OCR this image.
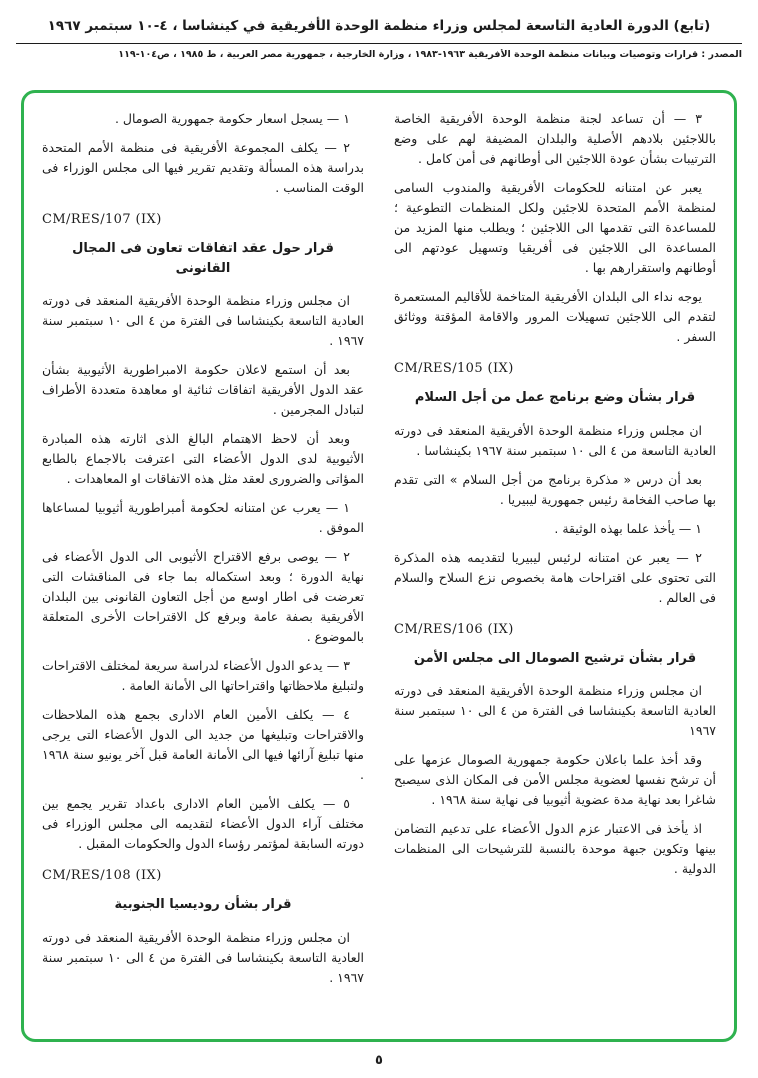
(تابع) الدورة العادية التاسعة لمجلس وزراء منظمة الوحدة الأفريقية في كينشاسا ، ٤-١٠ سبتمبر ١٩٦٧
المصدر : قرارات وتوصيات وبيانات منظمة الوحدة الأفريقية ١٩٦٣-١٩٨٣ ، وزارة الخارجية ، جمهورية مصر العربية ، ط ١٩٨٥ ، ص١٠٤-١١٩
٣ — أن تساعد لجنة منظمة الوحدة الأفريقية الخاصة باللاجئين بلادهم الأصلية والبلدان المضيفة لهم على وضع الترتيبات بشأن عودة اللاجئين الى أوطانهم فى أمن كامل .
يعبر عن امتنانه للحكومات الأفريقية والمندوب السامى لمنظمة الأمم المتحدة للاجئين ولكل المنظمات التطوعية ؛ للمساعدة التى تقدمها الى اللاجئين ؛ ويطلب منها المزيد من المساعدة الى اللاجئين فى أفريقيا وتسهيل عودتهم الى أوطانهم واستقرارهم بها .
يوجه نداء الى البلدان الأفريقية المتاخمة للأقاليم المستعمرة لتقدم الى اللاجئين تسهيلات المرور والاقامة المؤقتة ووثائق السفر .
CM/RES/105 (IX)
قرار بشأن وضع برنامج عمل من أجل السلام
ان مجلس وزراء منظمة الوحدة الأفريقية المنعقد فى دورته العادية التاسعة من ٤ الى ١٠ سبتمبر سنة ١٩٦٧ بكينشاسا .
بعد أن درس « مذكرة برنامج من أجل السلام » التى تقدم بها صاحب الفخامة رئيس جمهورية ليبيريا .
١ — يأخذ علما بهذه الوثيقة .
٢ — يعبر عن امتنانه لرئيس ليبيريا لتقديمه هذه المذكرة التى تحتوى على اقتراحات هامة بخصوص نزع السلاح والسلام فى العالم .
CM/RES/106 (IX)
قرار بشأن ترشيح الصومال الى مجلس الأمن
ان مجلس وزراء منظمة الوحدة الأفريقية المنعقد فى دورته العادية التاسعة بكينشاسا فى الفترة من ٤ الى ١٠ سبتمبر سنة ١٩٦٧
وقد أخذ علما باعلان حكومة جمهورية الصومال عزمها على أن ترشح نفسها لعضوية مجلس الأمن فى المكان الذى سيصبح شاغرا بعد نهاية مدة عضوية أثيوبيا فى نهاية سنة ١٩٦٨ .
اذ يأخذ فى الاعتبار عزم الدول الأعضاء على تدعيم التضامن بينها وتكوين جبهة موحدة بالنسبة للترشيحات الى المنظمات الدولية .
١ — يسجل اسعار حكومة جمهورية الصومال .
٢ — يكلف المجموعة الأفريقية فى منظمة الأمم المتحدة بدراسة هذه المسألة وتقديم تقرير فيها الى مجلس الوزراء فى الوقت المناسب .
CM/RES/107 (IX)
قرار حول عقد اتفاقات تعاون فى المجال القانونى
ان مجلس وزراء منظمة الوحدة الأفريقية المنعقد فى دورته العادية التاسعة بكينشاسا فى الفترة من ٤ الى ١٠ سبتمبر سنة ١٩٦٧ .
بعد أن استمع لاعلان حكومة الامبراطورية الأثيوبية بشأن عقد الدول الأفريقية اتفاقات ثنائية او معاهدة متعددة الأطراف لتبادل المجرمين .
وبعد أن لاحظ الاهتمام البالغ الذى اثارته هذه المبادرة الأثيوبية لدى الدول الأعضاء التى اعترفت بالاجماع بالطابع المؤاتى والضرورى لعقد مثل هذه الاتفاقات او المعاهدات .
١ — يعرب عن امتنانه لحكومة أمبراطورية أثيوبيا لمساعاها الموفق .
٢ — يوصى برفع الاقتراح الأثيوبى الى الدول الأعضاء فى نهاية الدورة ؛ وبعد استكماله بما جاء فى المناقشات التى تعرضت فى اطار اوسع من أجل التعاون القانونى بين البلدان الأفريقية بصفة عامة وبرفع كل الاقتراحات الأخرى المتعلقة بالموضوع .
٣ — يدعو الدول الأعضاء لدراسة سريعة لمختلف الاقتراحات ولتبليغ ملاحظاتها واقتراحاتها الى الأمانة العامة .
٤ — يكلف الأمين العام الادارى بجمع هذه الملاحظات والاقتراحات وتبليغها من جديد الى الدول الأعضاء التى يرجى منها تبليغ آرائها فيها الى الأمانة العامة قبل آخر يونيو سنة ١٩٦٨ .
٥ — يكلف الأمين العام الادارى باعداد تقرير يجمع بين مختلف آراء الدول الأعضاء لتقديمه الى مجلس الوزراء فى دورته السابقة لمؤتمر رؤساء الدول والحكومات المقبل .
CM/RES/108 (IX)
قرار بشأن روديسيا الجنوبية
ان مجلس وزراء منظمة الوحدة الأفريقية المنعقد فى دورته العادية التاسعة بكينشاسا فى الفترة من ٤ الى ١٠ سبتمبر سنة ١٩٦٧ .
٥
